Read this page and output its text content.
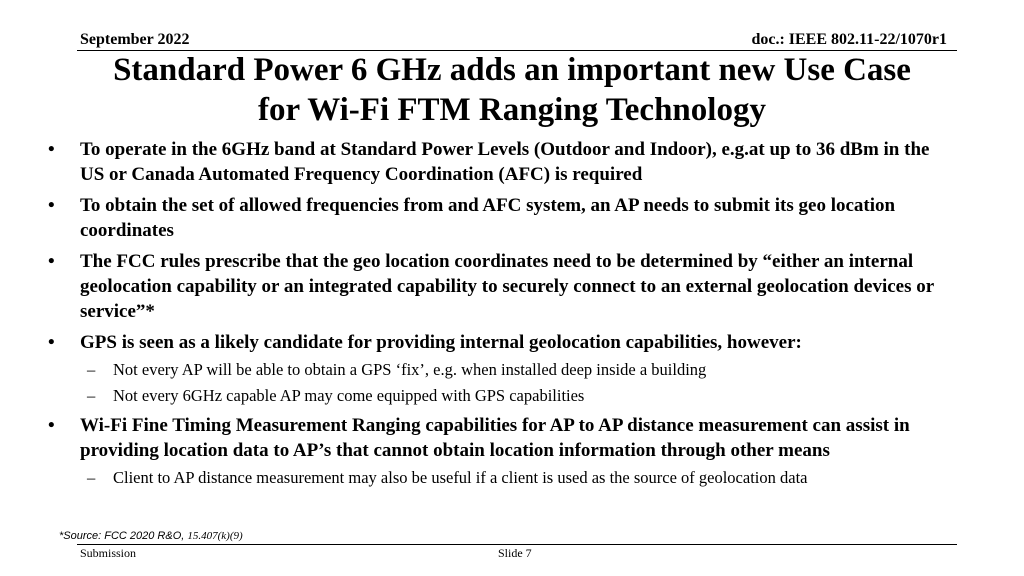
September 2022	doc.: IEEE 802.11-22/1070r1
Standard Power 6 GHz adds an important new Use Case
for Wi-Fi FTM Ranging Technology
• To operate in the 6GHz band at Standard Power Levels (Outdoor and Indoor), e.g.at up to 36 dBm in the US or Canada Automated Frequency Coordination (AFC) is required
• To obtain the set of allowed frequencies from and AFC system, an AP needs to submit its geo location coordinates
• The FCC rules prescribe that the geo location coordinates need to be determined by “either an internal geolocation capability or an integrated capability to securely connect to an external geolocation devices or service”*
• GPS is seen as a likely candidate for providing internal geolocation capabilities, however:
– Not every AP will be able to obtain a GPS ‘fix’, e.g. when installed deep inside a building
– Not every 6GHz capable AP may come equipped with GPS capabilities
• Wi-Fi Fine Timing Measurement Ranging capabilities for AP to AP distance measurement can assist in providing location data to AP’s that cannot obtain location information through other means
– Client to AP distance measurement may also be useful if a client is used as the source of geolocation data
*Source: FCC 2020 R&O, 15.407(k)(9)
Submission	Slide 7
